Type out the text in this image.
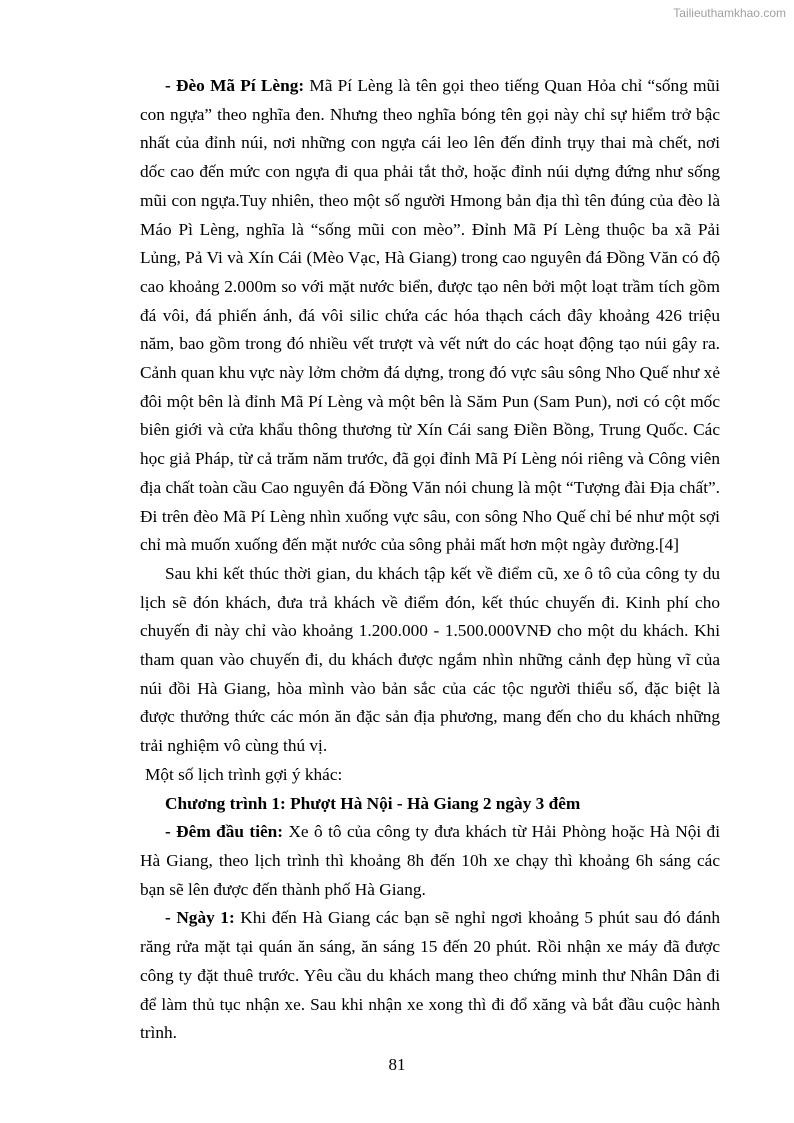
Tailieuthamkhao.com

- Đèo Mã Pí Lèng: Mã Pí Lèng là tên gọi theo tiếng Quan Hỏa chỉ “sống mũi con ngựa” theo nghĩa đen. Nhưng theo nghĩa bóng tên gọi này chỉ sự hiểm trở bậc nhất của đỉnh núi, nơi những con ngựa cái leo lên đến đỉnh trụy thai mà chết, nơi dốc cao đến mức con ngựa đi qua phải tắt thở, hoặc đỉnh núi dựng đứng như sống mũi con ngựa.Tuy nhiên, theo một số người Hmong bản địa thì tên đúng của đèo là Máo Pì Lèng, nghĩa là “sống mũi con mèo”. Đỉnh Mã Pí Lèng thuộc ba xã Pải Lủng, Pả Vi và Xín Cái (Mèo Vạc, Hà Giang) trong cao nguyên đá Đồng Văn có độ cao khoảng 2.000m so với mặt nước biển, được tạo nên bởi một loạt trầm tích gồm đá vôi, đá phiến ánh, đá vôi silic chứa các hóa thạch cách đây khoảng 426 triệu năm, bao gồm trong đó nhiều vết trượt và vết nứt do các hoạt động tạo núi gây ra. Cảnh quan khu vực này lởm chởm đá dựng, trong đó vực sâu sông Nho Quế như xẻ đôi một bên là đỉnh Mã Pí Lèng và một bên là Săm Pun (Sam Pun), nơi có cột mốc biên giới và cửa khẩu thông thương từ Xín Cái sang Điền Bồng, Trung Quốc. Các học giả Pháp, từ cả trăm năm trước, đã gọi đỉnh Mã Pí Lèng nói riêng và Công viên địa chất toàn cầu Cao nguyên đá Đồng Văn nói chung là một “Tượng đài Địa chất”. Đi trên đèo Mã Pí Lèng nhìn xuống vực sâu, con sông Nho Quế chỉ bé như một sợi chỉ mà muốn xuống đến mặt nước của sông phải mất hơn một ngày đường.[4]

Sau khi kết thúc thời gian, du khách tập kết về điểm cũ, xe ô tô của công ty du lịch sẽ đón khách, đưa trả khách về điểm đón, kết thúc chuyến đi. Kinh phí cho chuyến đi này chỉ vào khoảng 1.200.000 - 1.500.000VNĐ cho một du khách. Khi tham quan vào chuyến đi, du khách được ngắm nhìn những cảnh đẹp hùng vĩ của núi đồi Hà Giang, hòa mình vào bản sắc của các tộc người thiểu số, đặc biệt là được thưởng thức các món ăn đặc sản địa phương, mang đến cho du khách những trải nghiệm vô cùng thú vị.

Một số lịch trình gợi ý khác:

Chương trình 1: Phượt Hà Nội - Hà Giang 2 ngày 3 đêm

- Đêm đầu tiên: Xe ô tô của công ty đưa khách từ Hải Phòng hoặc Hà Nội đi Hà Giang, theo lịch trình thì khoảng 8h đến 10h xe chạy thì khoảng 6h sáng các bạn sẽ lên được đến thành phố Hà Giang.

- Ngày 1: Khi đến Hà Giang các bạn sẽ nghỉ ngơi khoảng 5 phút sau đó đánh răng rửa mặt tại quán ăn sáng, ăn sáng 15 đến 20 phút. Rồi nhận xe máy đã được công ty đặt thuê trước. Yêu cầu du khách mang theo chứng minh thư Nhân Dân đi để làm thủ tục nhận xe. Sau khi nhận xe xong thì đi đổ xăng và bắt đầu cuộc hành trình.

81
